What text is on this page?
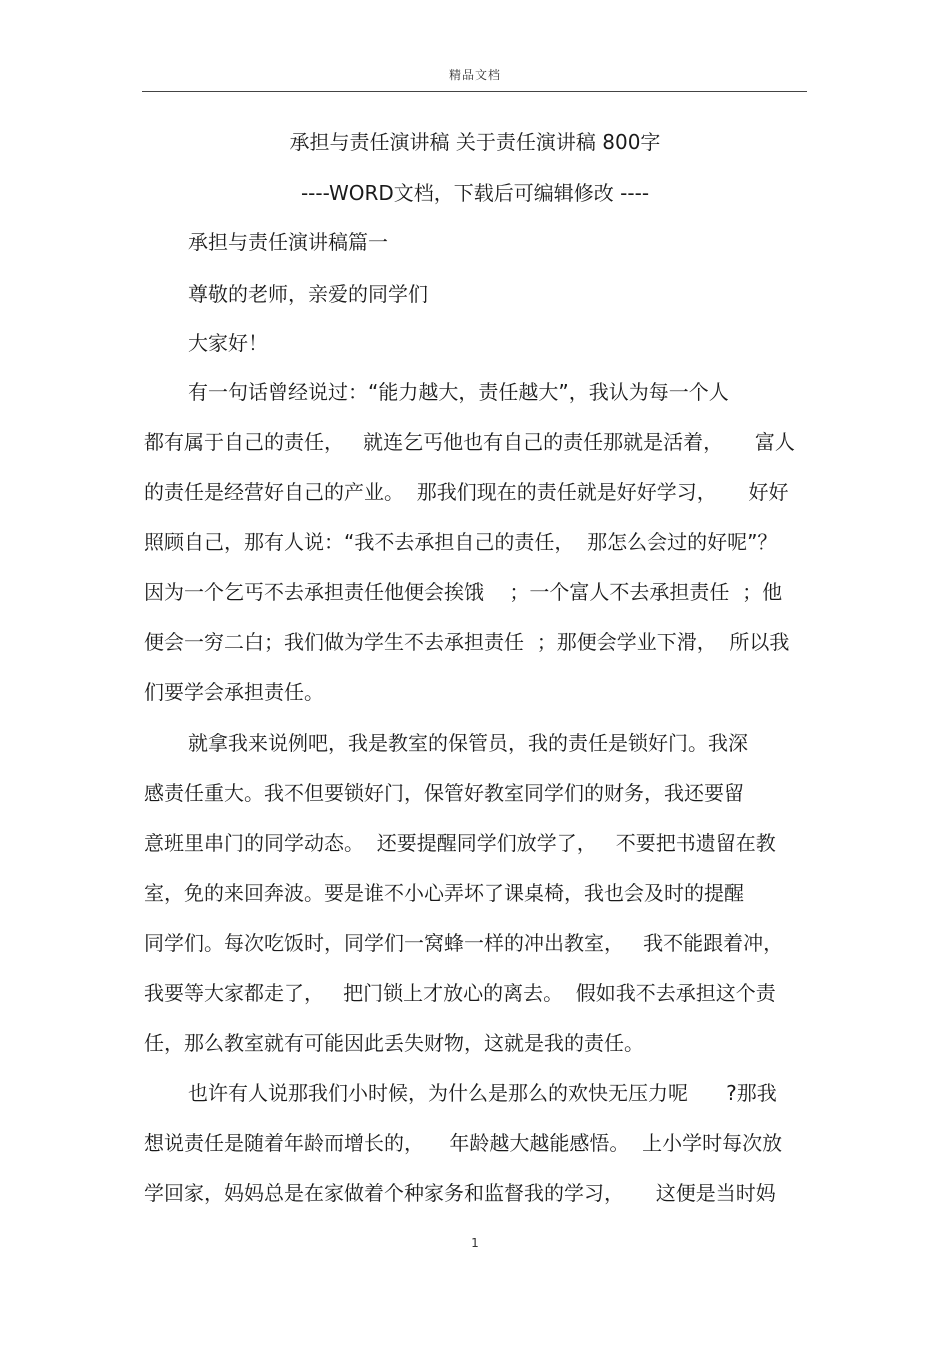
精品文档
承担与责任演讲稿 关于责任演讲稿 800字
----WORD文档，下载后可编辑修改 ----
承担与责任演讲稿篇一
尊敬的老师，亲爱的同学们
大家好！
有一句话曾经说过：“能力越大，责任越大”，我认为每一个人
都有属于自己的责任，   就连乞丐他也有自己的责任那就是活着，     富人
的责任是经营好自己的产业。  那我们现在的责任就是好好学习，     好好
照顾自己，那有人说：“我不去承担自己的责任，  那怎么会过的好呢”？
因为一个乞丐不去承担责任他便会挨饿    ；一个富人不去承担责任  ；他
便会一穷二白；我们做为学生不去承担责任  ；那便会学业下滑，  所以我
们要学会承担责任。
就拿我来说例吧，我是教室的保管员，我的责任是锁好门。我深
感责任重大。我不但要锁好门，保管好教室同学们的财务，我还要留
意班里串门的同学动态。  还要提醒同学们放学了，   不要把书遗留在教
室，免的来回奔波。要是谁不小心弄坏了课桌椅，我也会及时的提醒
同学们。每次吃饭时，同学们一窝蜂一样的冲出教室，   我不能跟着冲，
我要等大家都走了，   把门锁上才放心的离去。  假如我不去承担这个责
任，那么教室就有可能因此丢失财物，这就是我的责任。
也许有人说那我们小时候，为什么是那么的欢快无压力呢      ?那我
想说责任是随着年龄而增长的，    年龄越大越能感悟。  上小学时每次放
学回家，妈妈总是在家做着个种家务和监督我的学习，     这便是当时妈
1
